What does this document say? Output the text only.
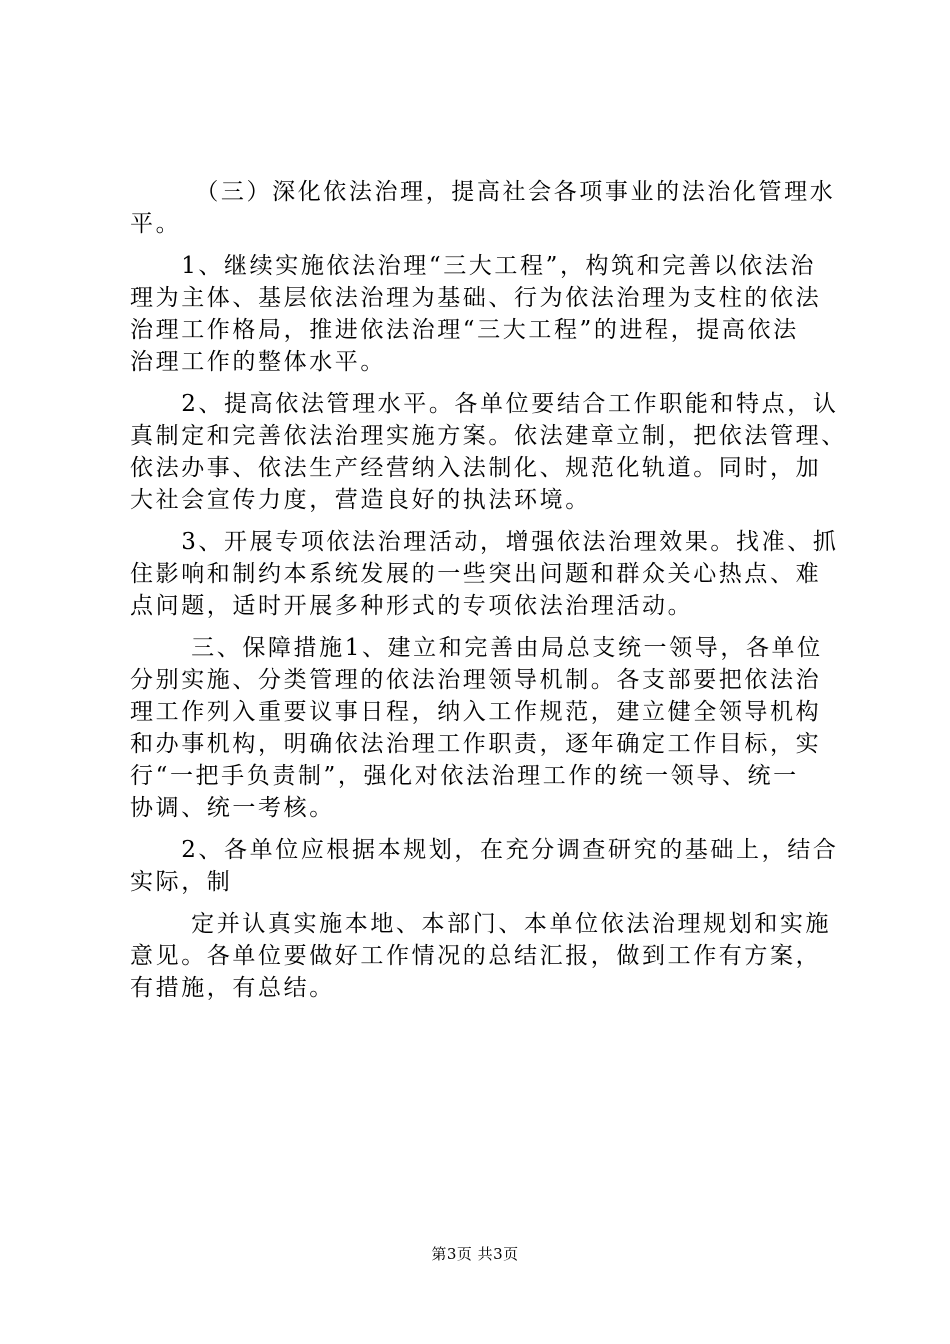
　　　（三）深化依法治理，提高社会各项事业的法治化管理水
平。
　　1、继续实施依法治理“三大工程”，构筑和完善以依法治
理为主体、基层依法治理为基础、行为依法治理为支柱的依法
治理工作格局，推进依法治理“三大工程”的进程，提高依法
治理工作的整体水平。
　　2、提高依法管理水平。各单位要结合工作职能和特点，认
真制定和完善依法治理实施方案。依法建章立制，把依法管理、
依法办事、依法生产经营纳入法制化、规范化轨道。同时，加
大社会宣传力度，营造良好的执法环境。
　　3、开展专项依法治理活动，增强依法治理效果。找准、抓
住影响和制约本系统发展的一些突出问题和群众关心热点、难
点问题，适时开展多种形式的专项依法治理活动。
　　 三、保障措施1、建立和完善由局总支统一领导，各单位
分别实施、分类管理的依法治理领导机制。各支部要把依法治
理工作列入重要议事日程，纳入工作规范，建立健全领导机构
和办事机构，明确依法治理工作职责，逐年确定工作目标，实
行“一把手负责制”，强化对依法治理工作的统一领导、统一
协调、统一考核。
　　2、各单位应根据本规划，在充分调查研究的基础上，结合
实际，制
　　 定并认真实施本地、本部门、本单位依法治理规划和实施
意见。各单位要做好工作情况的总结汇报，做到工作有方案，
有措施，有总结。
第3页 共3页
